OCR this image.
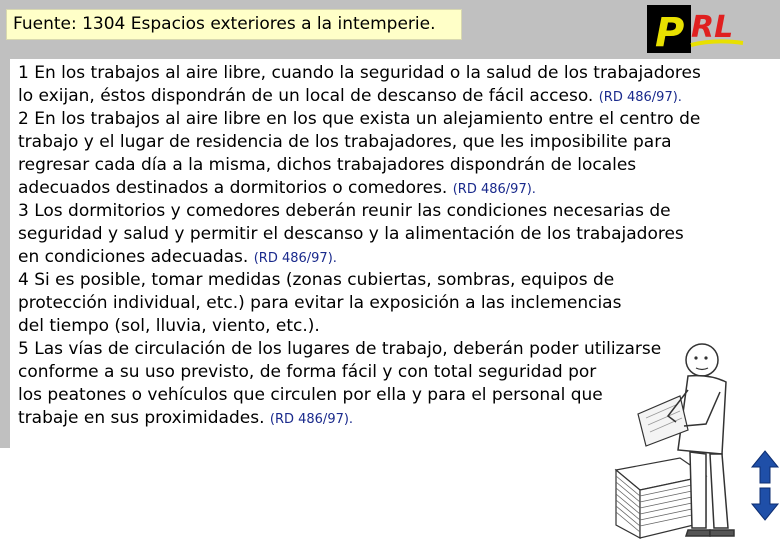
Fuente: 1304 Espacios exteriores a la intemperie.	P RL
1 En los trabajos al aire libre, cuando la seguridad o la salud de los trabajadores
lo exijan, éstos dispondrán de un local de descanso de fácil acceso. (RD 486/97).
2 En los trabajos al aire libre en los que exista un alejamiento entre el centro de
trabajo y el lugar de residencia de los trabajadores, que les imposibilite para
regresar cada día a la misma, dichos trabajadores dispondrán de locales
adecuados destinados a dormitorios o comedores. (RD 486/97).
3 Los dormitorios y comedores deberán reunir las condiciones necesarias de
seguridad y salud y permitir el descanso y la alimentación de los trabajadores
en condiciones adecuadas. (RD 486/97).
4 Si es posible, tomar medidas (zonas cubiertas, sombras, equipos de
protección individual, etc.) para evitar la exposición a las inclemencias
del tiempo (sol, lluvia, viento, etc.).
5 Las vías de circulación de los lugares de trabajo, deberán poder utilizarse
conforme a su uso previsto, de forma fácil y con total seguridad por
los peatones o vehículos que circulen por ella y para el personal que
trabaje en sus proximidades. (RD 486/97).
